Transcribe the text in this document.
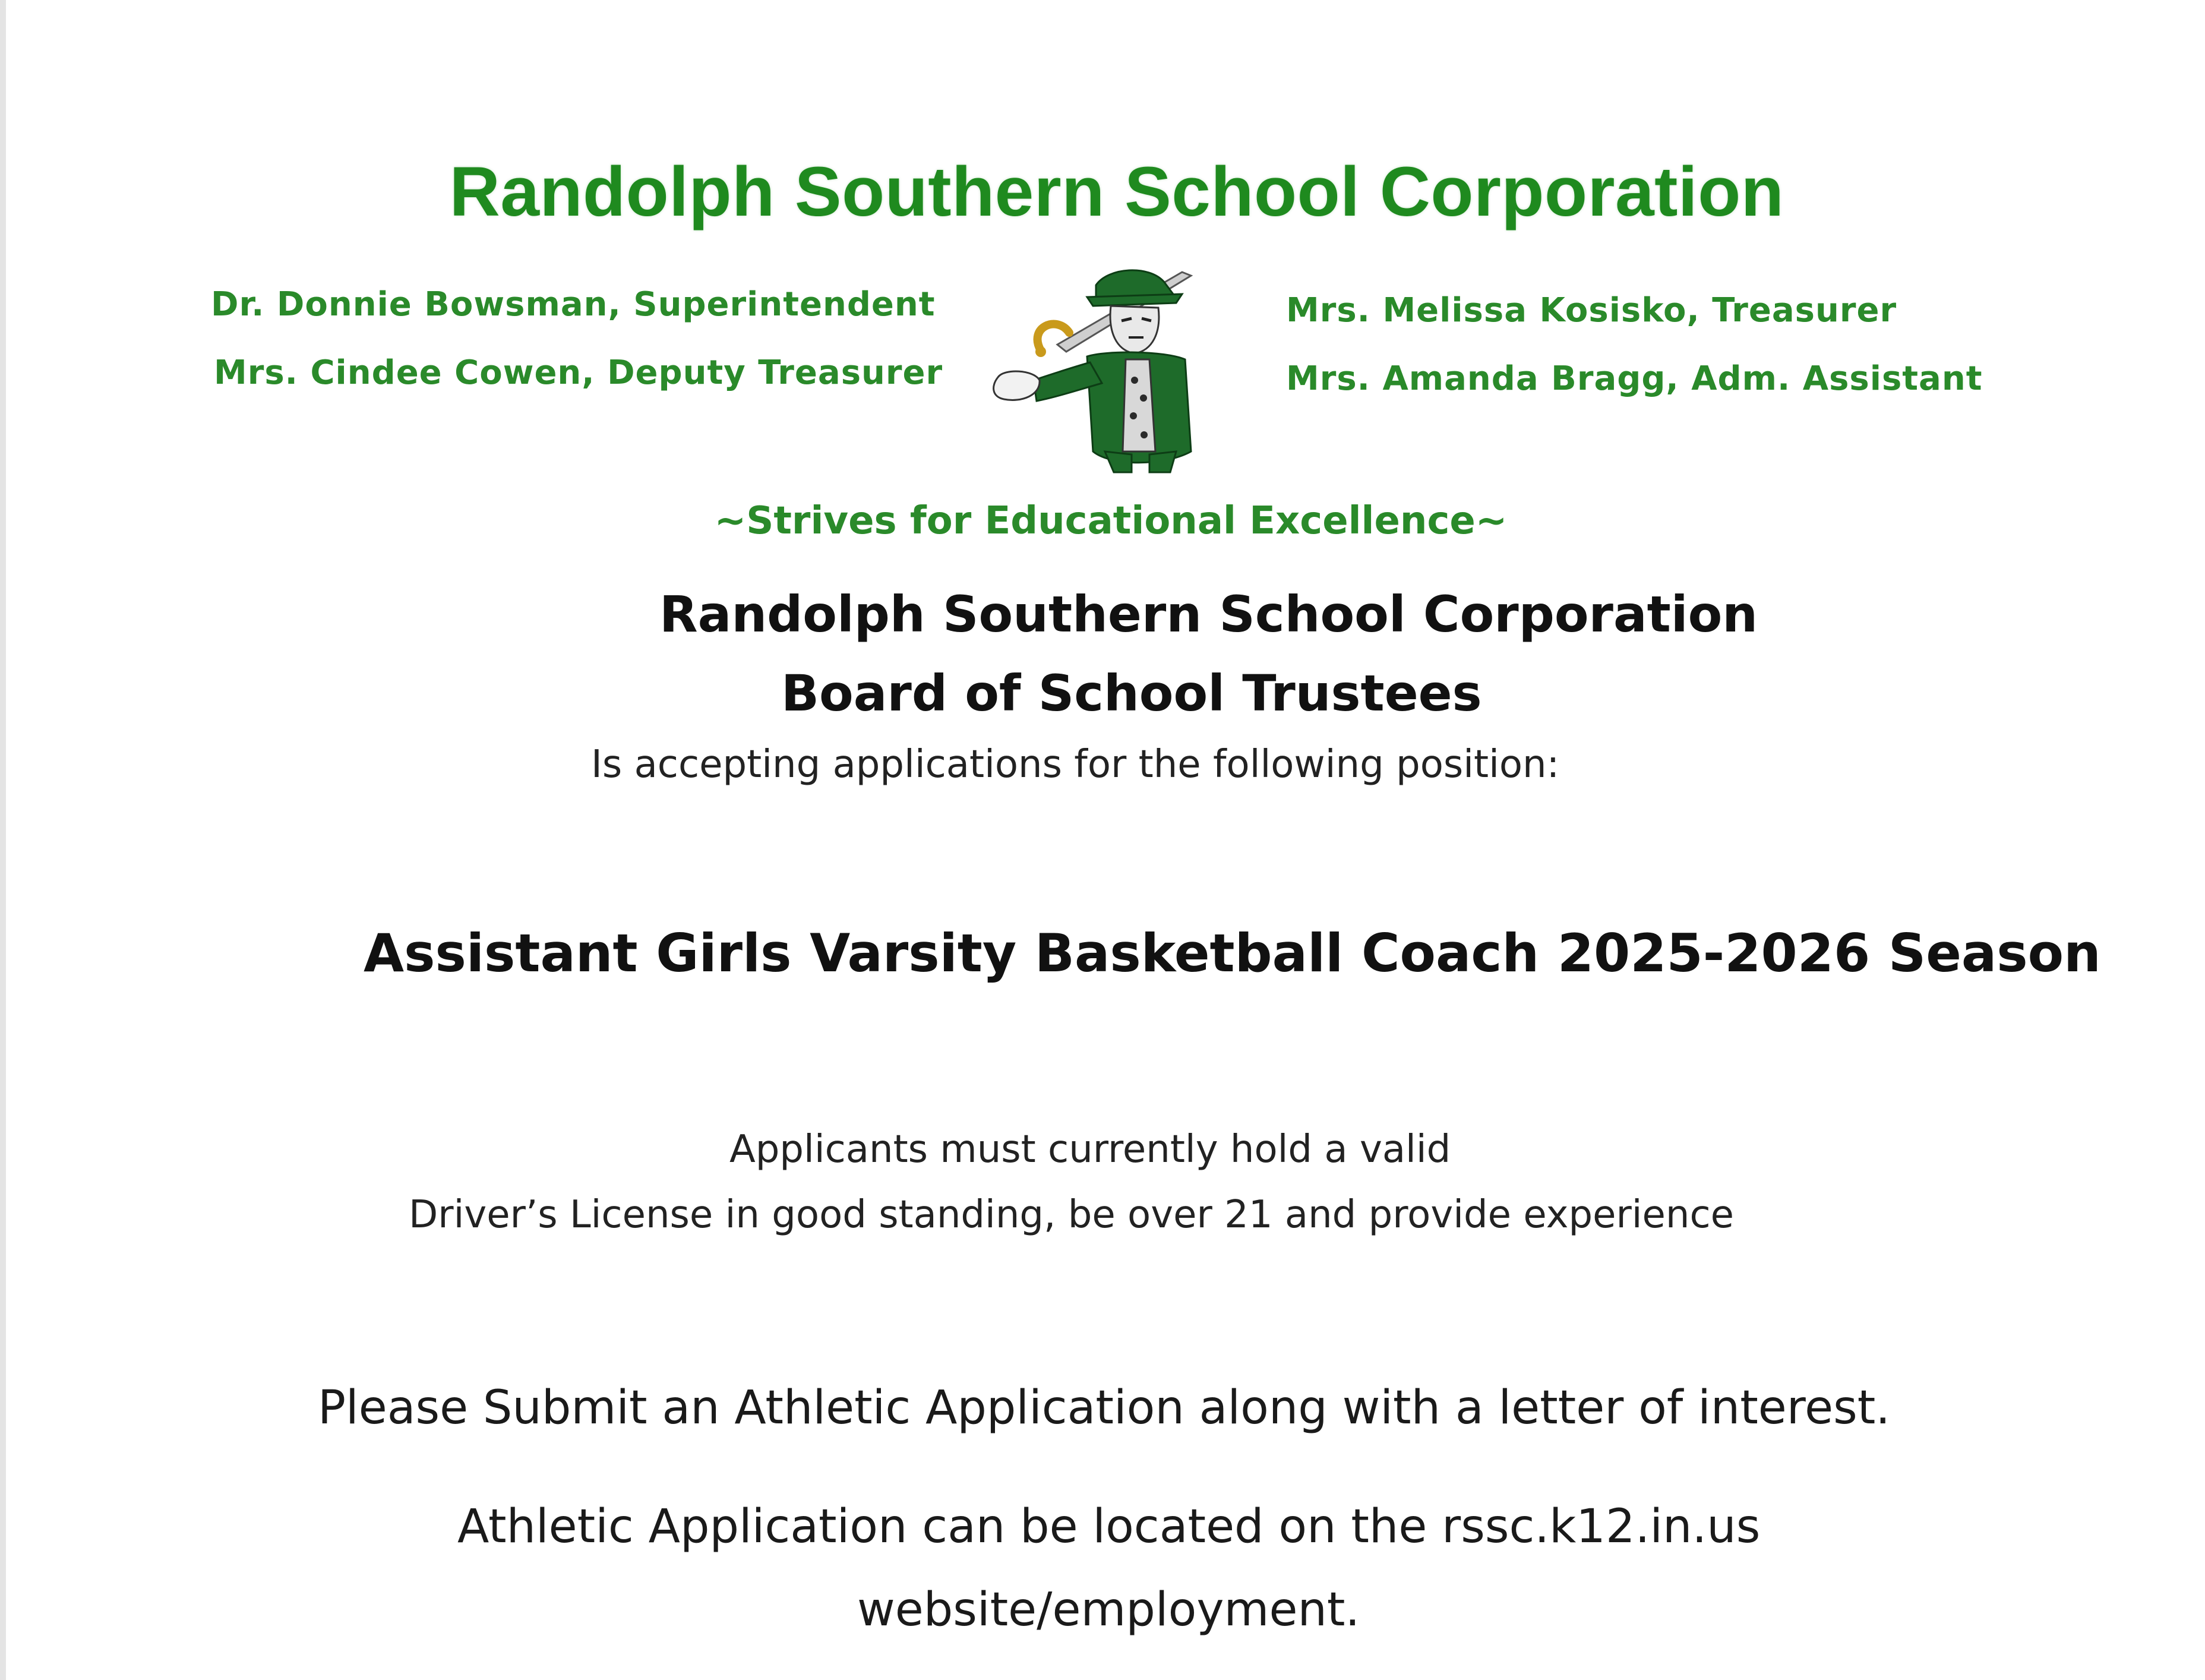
Randolph Southern School Corporation
Dr. Donnie Bowsman, Superintendent
Mrs. Cindee Cowen, Deputy Treasurer
Mrs. Melissa Kosisko, Treasurer
Mrs. Amanda Bragg, Adm. Assistant
~Strives for Educational Excellence~
Randolph Southern School Corporation
Board of School Trustees
Is accepting applications for the following position:
Assistant Girls Varsity Basketball Coach 2025-2026 Season
Applicants must currently hold a valid
Driver’s License in good standing, be over 21 and provide experience
Please Submit an Athletic Application along with a letter of interest.
Athletic Application can be located on the rssc.k12.in.us
website/employment.
